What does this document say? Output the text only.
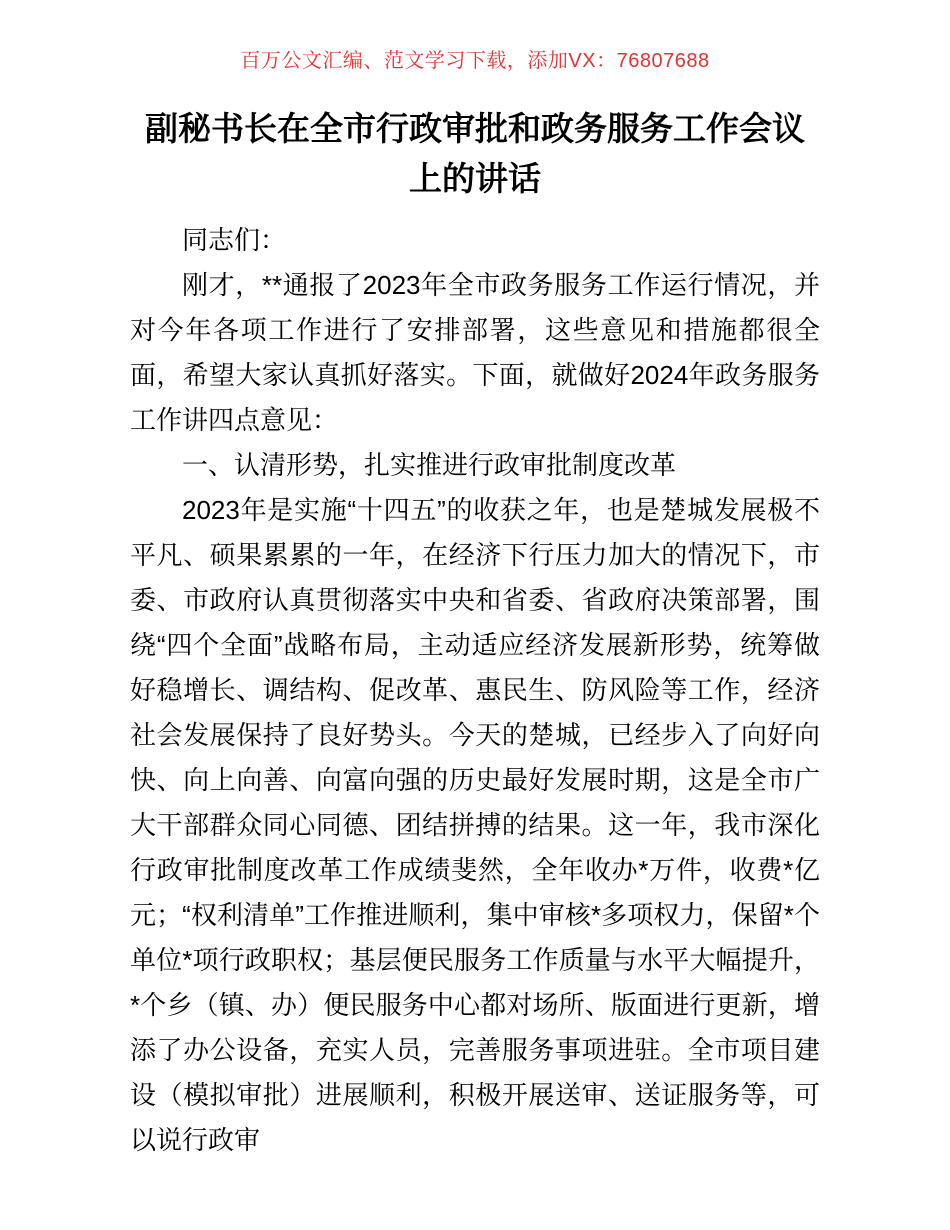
百万公文汇编、范文学习下载，添加VX：76807688
副秘书长在全市行政审批和政务服务工作会议上的讲话

同志们：

刚才，**通报了2023年全市政务服务工作运行情况，并对今年各项工作进行了安排部署，这些意见和措施都很全面，希望大家认真抓好落实。下面，就做好2024年政务服务工作讲四点意见：

一、认清形势，扎实推进行政审批制度改革

2023年是实施“十四五”的收获之年，也是楚城发展极不平凡、硕果累累的一年，在经济下行压力加大的情况下，市委、市政府认真贯彻落实中央和省委、省政府决策部署，围绕“四个全面”战略布局，主动适应经济发展新形势，统筹做好稳增长、调结构、促改革、惠民生、防风险等工作，经济社会发展保持了良好势头。今天的楚城，已经步入了向好向快、向上向善、向富向强的历史最好发展时期，这是全市广大干部群众同心同德、团结拼搏的结果。这一年，我市深化行政审批制度改革工作成绩斐然，全年收办*万件，收费*亿元；“权利清单”工作推进顺利，集中审核*多项权力，保留*个单位*项行政职权；基层便民服务工作质量与水平大幅提升，*个乡（镇、办）便民服务中心都对场所、版面进行更新，增添了办公设备，充实人员，完善服务事项进驻。全市项目建设（模拟审批）进展顺利，积极开展送审、送证服务等，可以说行政审
